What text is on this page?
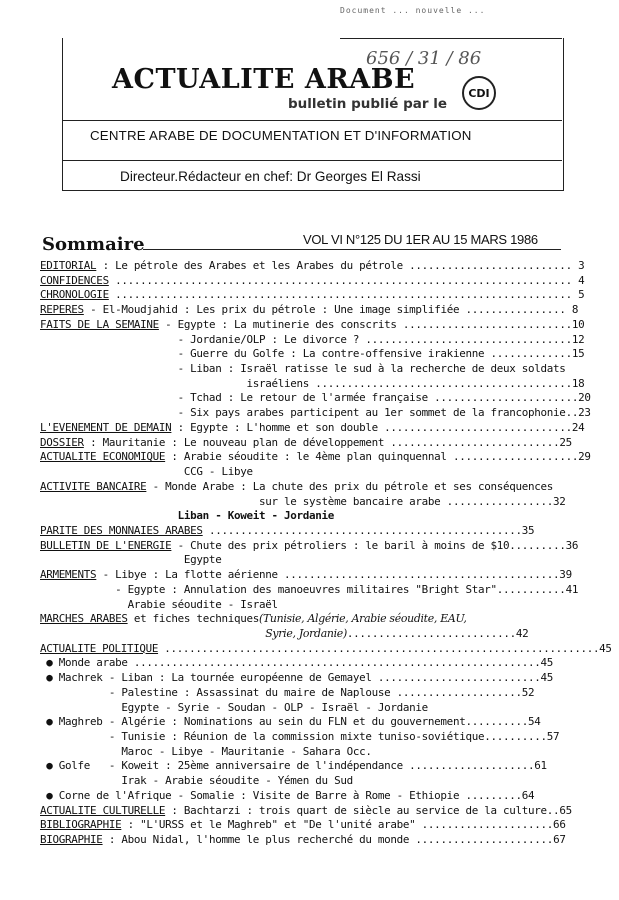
Document ... nouvelle ...
ACTUALITE ARABE
bulletin publié par le
CDI
656 / 31 / 86
CENTRE ARABE DE DOCUMENTATION ET D'INFORMATION
Directeur.Rédacteur en chef: Dr Georges El Rassi
Sommaire	VOL VI N°125 DU 1ER AU 15 MARS 1986
EDITORIAL : Le pétrole des Arabes et les Arabes du pétrole .......................... 3
CONFIDENCES ......................................................................... 4
CHRONOLOGIE ......................................................................... 5
REPERES - El-Moudjahid : Les prix du pétrole : Une image simplifiée ................ 8
FAITS DE LA SEMAINE - Egypte : La mutinerie des conscrits ...........................10
- Jordanie/OLP : Le divorce ? .................................12
- Guerre du Golfe : La contre-offensive irakienne .............15
- Liban : Israël ratisse le sud à la recherche de deux soldats
israéliens .........................................18
- Tchad : Le retour de l'armée française .......................20
- Six pays arabes participent au 1er sommet de la francophonie..23
L'EVENEMENT DE DEMAIN : Egypte : L'homme et son double ..............................24
DOSSIER : Mauritanie : Le nouveau plan de développement ...........................25
ACTUALITE ECONOMIQUE : Arabie séoudite : le 4ème plan quinquennal ....................29
CCG - Libye
ACTIVITE BANCAIRE - Monde Arabe : La chute des prix du pétrole et ses conséquences
sur le système bancaire arabe .................32
Liban - Koweit - Jordanie
PARITE DES MONNAIES ARABES ..................................................35
BULLETIN DE L'ENERGIE - Chute des prix pétroliers : le baril à moins de $10.........36
Egypte
ARMEMENTS - Libye : La flotte aérienne ............................................39
- Egypte : Annulation des manoeuvres militaires "Bright Star"...........41
Arabie séoudite - Israël
MARCHES ARABES et fiches techniques(Tunisie, Algérie, Arabie séoudite, EAU,
Syrie, Jordanie)...........................42
ACTUALITE POLITIQUE ......................................................................45
● Monde arabe .................................................................45
● Machrek - Liban : La tournée européenne de Gemayel ..........................45
- Palestine : Assassinat du maire de Naplouse ....................52
Egypte - Syrie - Soudan - OLP - Israël - Jordanie
● Maghreb - Algérie : Nominations au sein du FLN et du gouvernement..........54
- Tunisie : Réunion de la commission mixte tuniso-soviétique..........57
Maroc - Libye - Mauritanie - Sahara Occ.
● Golfe   - Koweit : 25ème anniversaire de l'indépendance ....................61
Irak - Arabie séoudite - Yémen du Sud
● Corne de l'Afrique - Somalie : Visite de Barre à Rome - Ethiopie .........64
ACTUALITE CULTURELLE : Bachtarzi : trois quart de siècle au service de la culture..65
BIBLIOGRAPHIE : "L'URSS et le Maghreb" et "De l'unité arabe" .....................66
BIOGRAPHIE : Abou Nidal, l'homme le plus recherché du monde ......................67
